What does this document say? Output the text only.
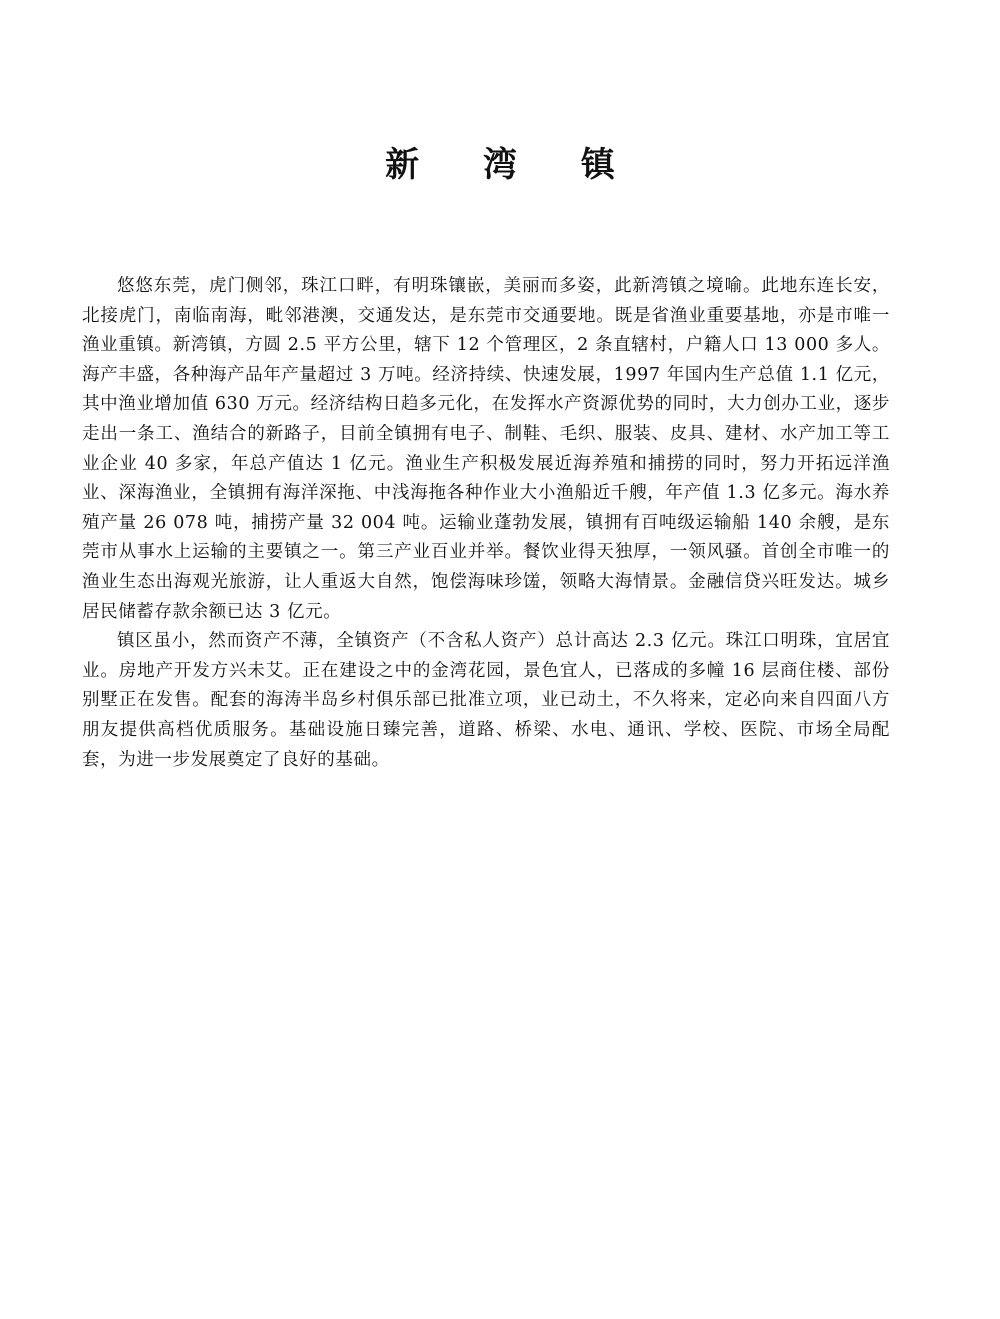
新 湾 镇

悠悠东莞，虎门侧邻，珠江口畔，有明珠镶嵌，美丽而多姿，此新湾镇之境喻。此地东连长安，北接虎门，南临南海，毗邻港澳，交通发达，是东莞市交通要地。既是省渔业重要基地，亦是市唯一渔业重镇。新湾镇，方圆 2.5 平方公里，辖下 12 个管理区，2 条直辖村，户籍人口 13 000 多人。海产丰盛，各种海产品年产量超过 3 万吨。经济持续、快速发展，1997 年国内生产总值 1.1 亿元，其中渔业增加值 630 万元。经济结构日趋多元化，在发挥水产资源优势的同时，大力创办工业，逐步走出一条工、渔结合的新路子，目前全镇拥有电子、制鞋、毛织、服装、皮具、建材、水产加工等工业企业 40 多家，年总产值达 1 亿元。渔业生产积极发展近海养殖和捕捞的同时，努力开拓远洋渔业、深海渔业，全镇拥有海洋深拖、中浅海拖各种作业大小渔船近千艘，年产值 1.3 亿多元。海水养殖产量 26 078 吨，捕捞产量 32 004 吨。运输业蓬勃发展，镇拥有百吨级运输船 140 余艘，是东莞市从事水上运输的主要镇之一。第三产业百业并举。餐饮业得天独厚，一领风骚。首创全市唯一的渔业生态出海观光旅游，让人重返大自然，饱偿海味珍馐，领略大海情景。金融信贷兴旺发达。城乡居民储蓄存款余额已达 3 亿元。

镇区虽小，然而资产不薄，全镇资产（不含私人资产）总计高达 2.3 亿元。珠江口明珠，宜居宜业。房地产开发方兴未艾。正在建设之中的金湾花园，景色宜人，已落成的多幢 16 层商住楼、部份别墅正在发售。配套的海涛半岛乡村俱乐部已批准立项，业已动土，不久将来，定必向来自四面八方朋友提供高档优质服务。基础设施日臻完善，道路、桥梁、水电、通讯、学校、医院、市场全局配套，为进一步发展奠定了良好的基础。
